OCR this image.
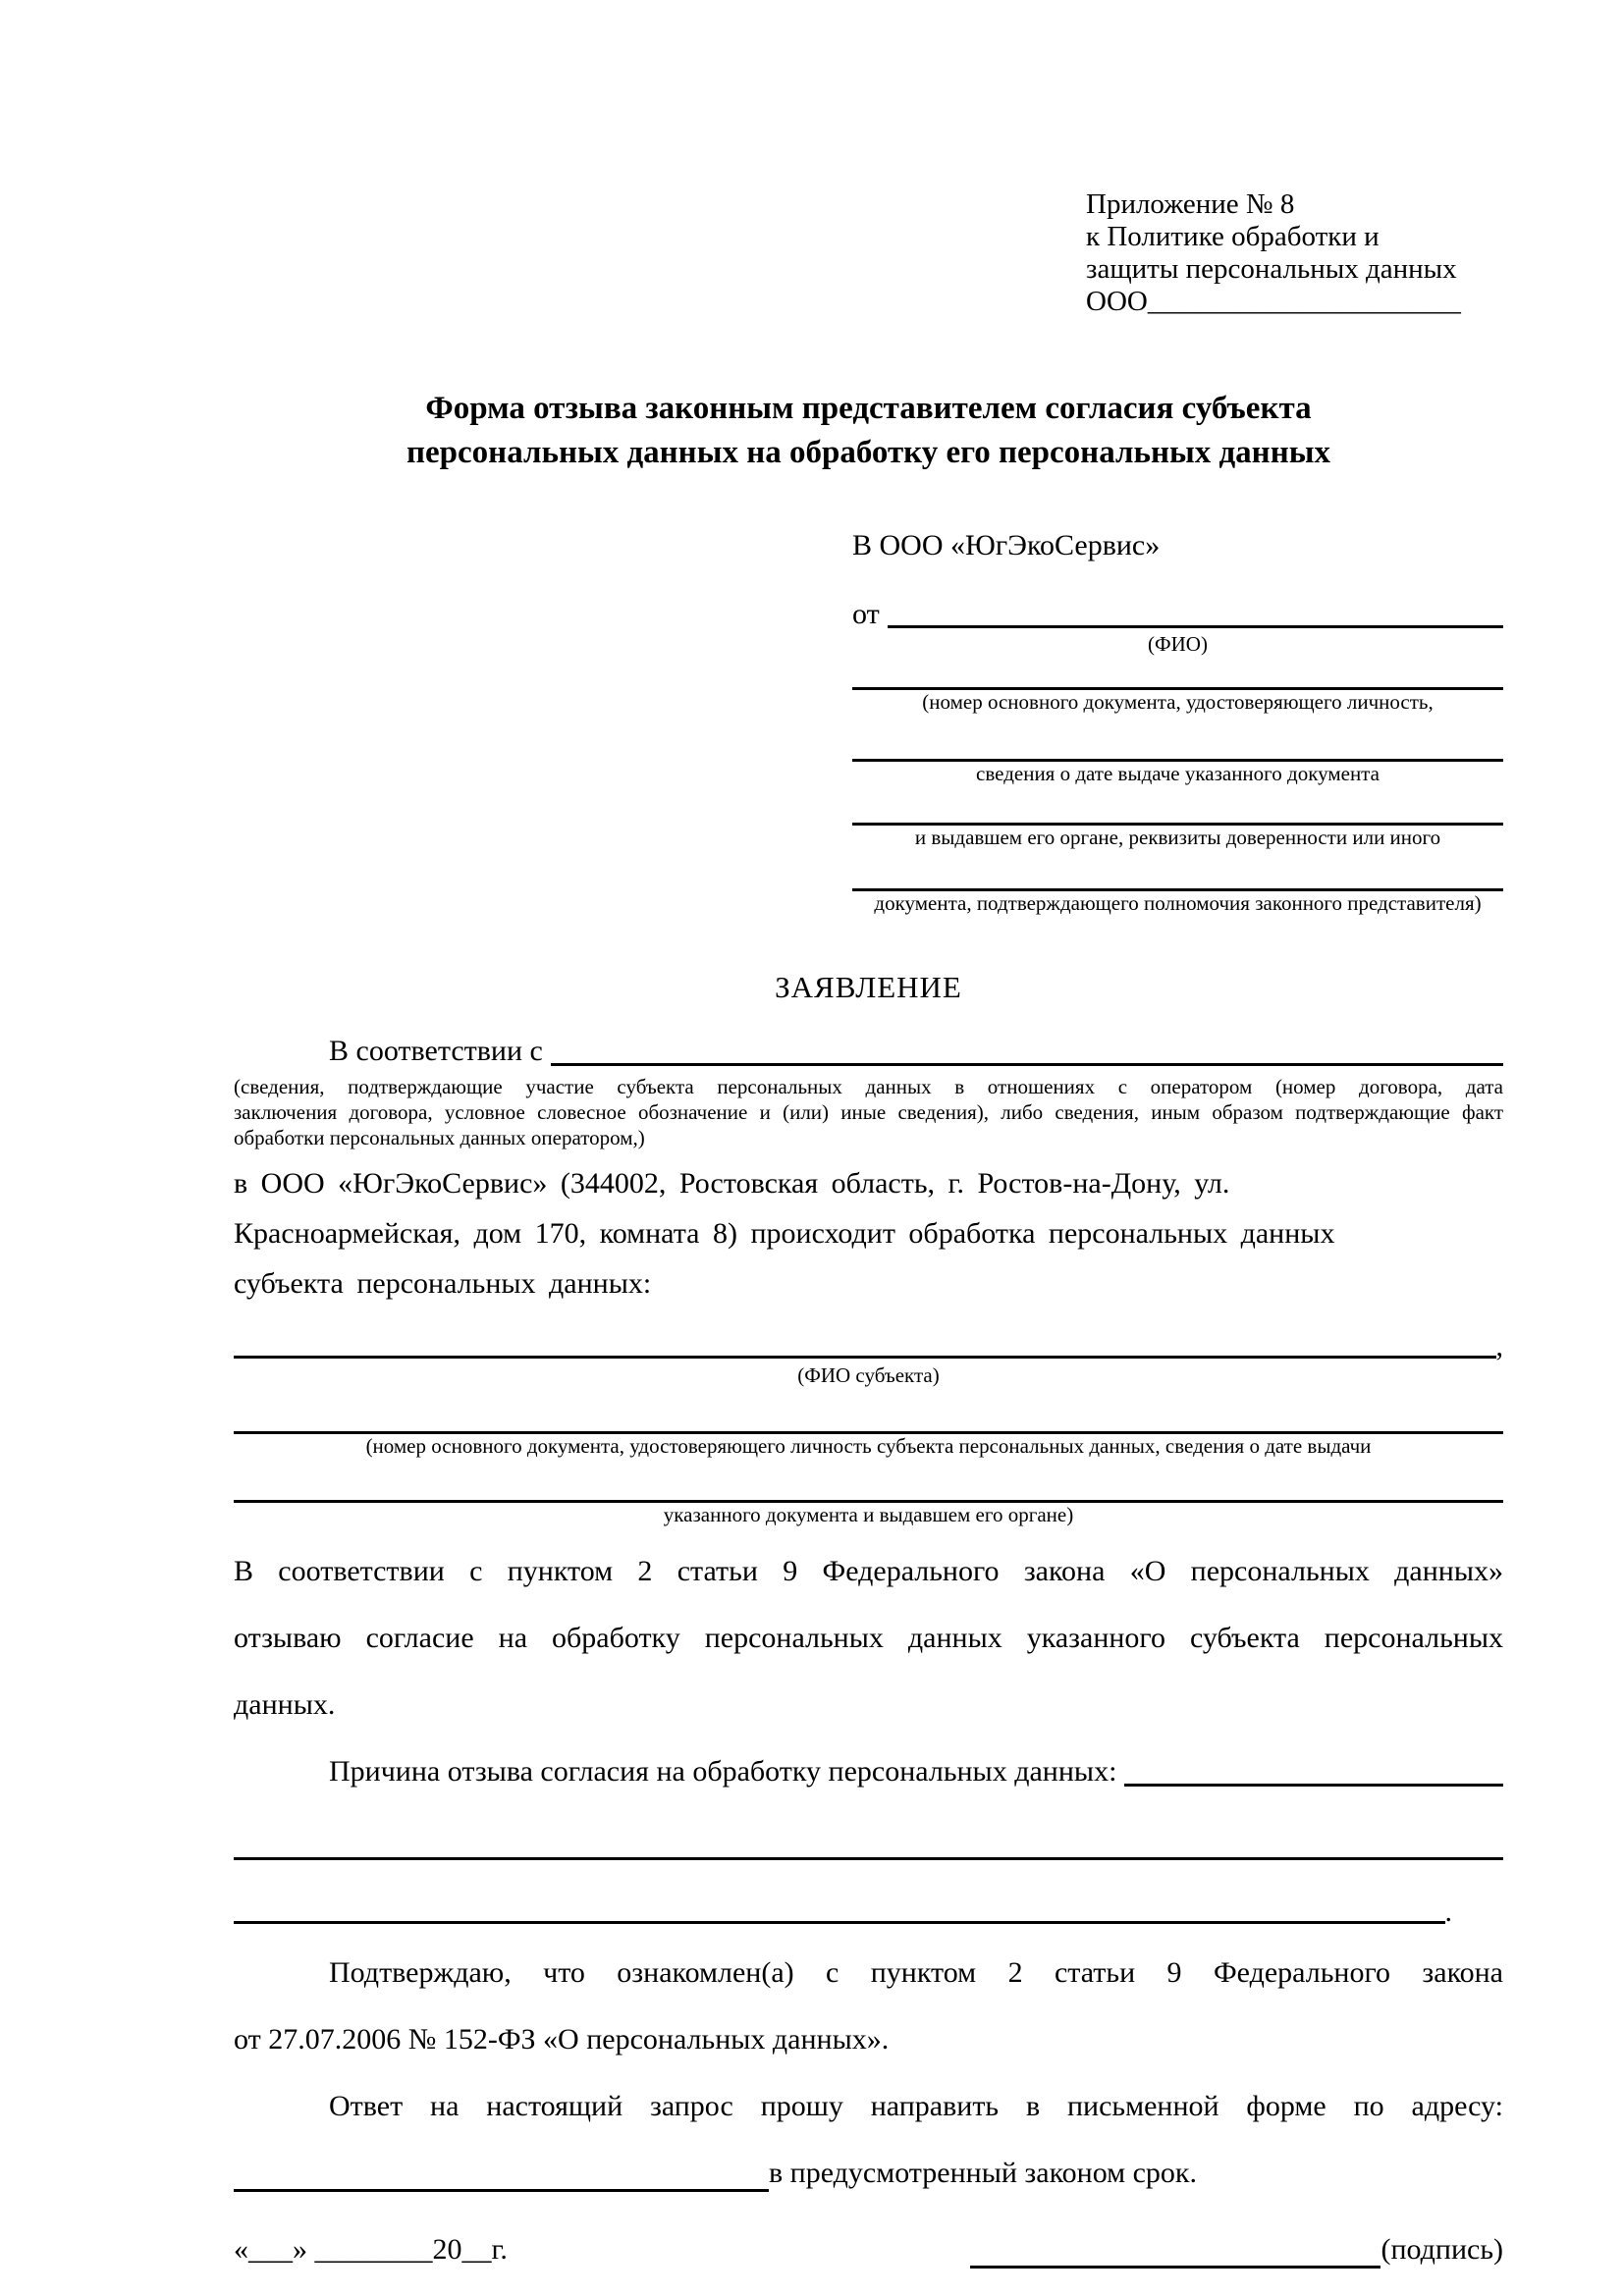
Приложение № 8
к Политике обработки и
защиты персональных данных
ООО______________________
Форма отзыва законным представителем согласия субъекта
персональных данных на обработку его персональных данных
В ООО «ЮгЭкоСервис»
от
(ФИО)
(номер основного документа, удостоверяющего личность,
сведения о дате выдаче указанного документа
и выдавшем его органе, реквизиты доверенности или иного
документа, подтверждающего полномочия законного представителя)
ЗАЯВЛЕНИЕ
В соответствии с
(сведения, подтверждающие участие субъекта персональных данных в отношениях с оператором (номер договора, дата
заключения договора, условное словесное обозначение и (или) иные сведения), либо сведения, иным образом подтверждающие факт
обработки персональных данных оператором,)
в ООО «ЮгЭкоСервис» (344002, Ростовская область, г. Ростов-на-Дону, ул.
Красноармейская, дом 170, комната 8) происходит обработка персональных данных
субъекта персональных данных:
,
(ФИО субъекта)
(номер основного документа, удостоверяющего личность субъекта персональных данных, сведения о дате выдачи
указанного документа и выдавшем его органе)
В соответствии с пунктом 2 статьи 9 Федерального закона «О персональных данных»
отзываю согласие на обработку персональных данных указанного субъекта персональных
данных.
Причина отзыва согласия на обработку персональных данных:
.
Подтверждаю, что ознакомлен(а) с пунктом 2 статьи 9 Федерального закона
от 27.07.2006 № 152-ФЗ «О персональных данных».
Ответ на настоящий запрос прошу направить в письменной форме по адресу:
в предусмотренный законом срок.
«___» ________20__г.	(подпись)
